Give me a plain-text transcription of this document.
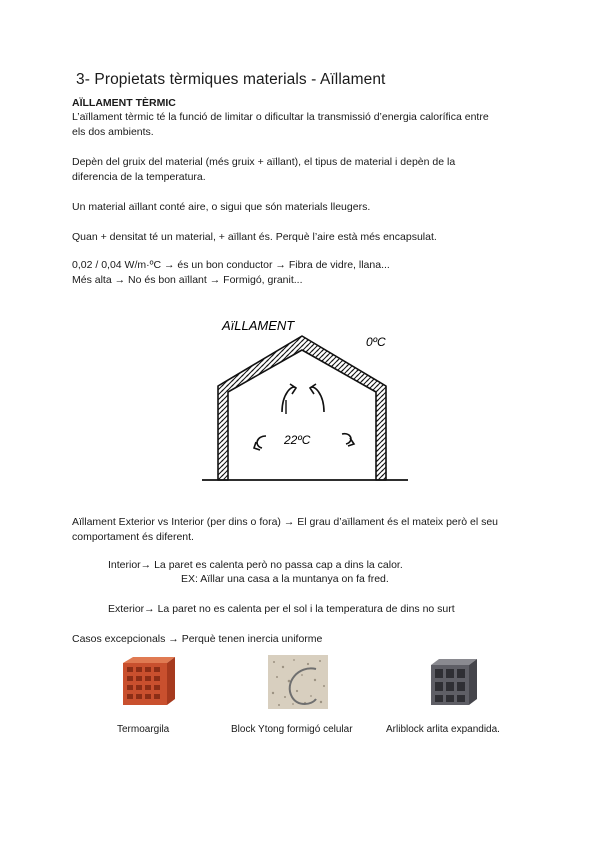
3- Propietats tèrmiques materials - Aïllament
AÏLLAMENT TÈRMIC
L’aïllament tèrmic té la funció de limitar o dificultar la transmissió d’energia calorífica entre
els dos ambients.
Depèn del gruix del material (més gruix + aïllant), el tipus de material i depèn de la
diferencia de la temperatura.
Un material aïllant conté aire, o sigui que són materials lleugers.
Quan + densitat té un material, + aïllant és. Perquè l’aire està més encapsulat.
0,02 / 0,04 W/m·ºC → és un bon conductor → Fibra de vidre, llana...
Més alta → No és bon aïllant → Formigó, granit...
AïLLAMENT
0ºC
22ºC
Aïllament Exterior vs Interior (per dins o fora) → El grau d’aïllament és el mateix però el seu
comportament és diferent.
Interior→ La paret es calenta però no passa cap a dins la calor.
EX: Aïllar una casa a la muntanya on fa fred.
Exterior→ La paret no es calenta per el sol i la temperatura de dins no surt
Casos excepcionals → Perquè tenen inercia uniforme
Termoargila	Block Ytong formigó celular	Arliblock arlita expandida.
